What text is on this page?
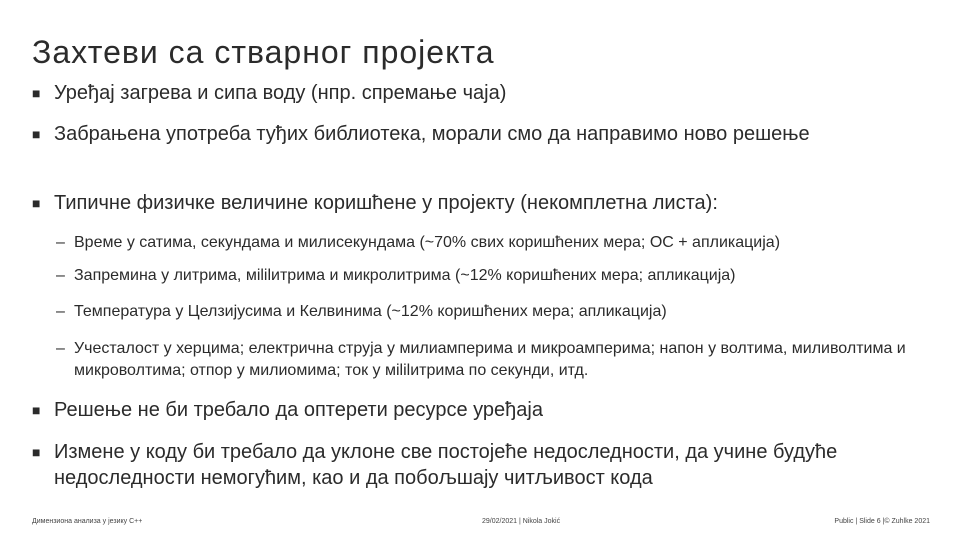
Захтеви са стварног пројекта
■ Уређај загрева и сипа воду (нпр. спремање чаја)
■ Забрањена употреба туђих библиотека, морали смо да направимо ново решење
■ Типичне физичке величине коришћене у пројекту (некомплетна листа):
– Време у сатима, секундама и милисекундама (~70% свих коришћених мера; ОС + апликација)
– Запремина у литрима, мililитрима и микролитрима (~12% коришћених мера; апликација)
– Температура у Целзијусима и Келвинима (~12% коришћених мера; апликација)
– Учесталост у херцима; електрична струја у милиамперима и микроамперима; напон у волтима, миливолтима и микроволтима; отпор у милиомима; ток у мililитрима по секунди, итд.
■ Решење не би требало да оптерети ресурсе уређаја
■ Измене у коду би требало да уклоне све постојеће недоследности, да учине будуће недоследности немогућим, као и да побољшају читљивост кода
Димензиона анализа у језику C++	29/02/2021 | Nikola Jokić	Public | Slide 6 |© Zuhlke 2021
